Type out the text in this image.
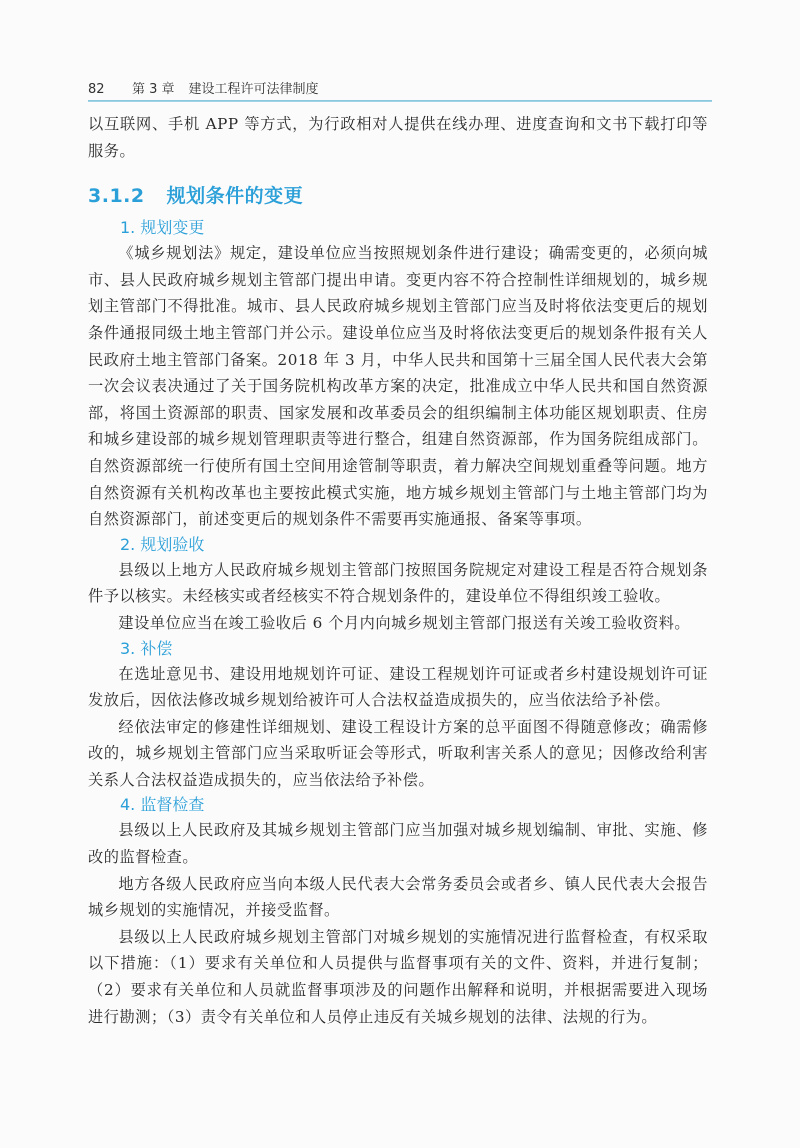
82 第 3 章 建设工程许可法律制度

以互联网、手机 APP 等方式，为行政相对人提供在线办理、进度查询和文书下载打印等服务。

3.1.2 规划条件的变更
1. 规划变更

《城乡规划法》规定，建设单位应当按照规划条件进行建设；确需变更的，必须向城市、县人民政府城乡规划主管部门提出申请。变更内容不符合控制性详细规划的，城乡规划主管部门不得批准。城市、县人民政府城乡规划主管部门应当及时将依法变更后的规划条件通报同级土地主管部门并公示。建设单位应当及时将依法变更后的规划条件报有关人民政府土地主管部门备案。2018 年 3 月，中华人民共和国第十三届全国人民代表大会第一次会议表决通过了关于国务院机构改革方案的决定，批准成立中华人民共和国自然资源部，将国土资源部的职责、国家发展和改革委员会的组织编制主体功能区规划职责、住房和城乡建设部的城乡规划管理职责等进行整合，组建自然资源部，作为国务院组成部门。自然资源部统一行使所有国土空间用途管制等职责，着力解决空间规划重叠等问题。地方自然资源有关机构改革也主要按此模式实施，地方城乡规划主管部门与土地主管部门均为自然资源部门，前述变更后的规划条件不需要再实施通报、备案等事项。

2. 规划验收

县级以上地方人民政府城乡规划主管部门按照国务院规定对建设工程是否符合规划条件予以核实。未经核实或者经核实不符合规划条件的，建设单位不得组织竣工验收。

建设单位应当在竣工验收后 6 个月内向城乡规划主管部门报送有关竣工验收资料。

3. 补偿

在选址意见书、建设用地规划许可证、建设工程规划许可证或者乡村建设规划许可证发放后，因依法修改城乡规划给被许可人合法权益造成损失的，应当依法给予补偿。

经依法审定的修建性详细规划、建设工程设计方案的总平面图不得随意修改；确需修改的，城乡规划主管部门应当采取听证会等形式，听取利害关系人的意见；因修改给利害关系人合法权益造成损失的，应当依法给予补偿。

4. 监督检查

县级以上人民政府及其城乡规划主管部门应当加强对城乡规划编制、审批、实施、修改的监督检查。

地方各级人民政府应当向本级人民代表大会常务委员会或者乡、镇人民代表大会报告城乡规划的实施情况，并接受监督。

县级以上人民政府城乡规划主管部门对城乡规划的实施情况进行监督检查，有权采取以下措施：（1）要求有关单位和人员提供与监督事项有关的文件、资料，并进行复制；（2）要求有关单位和人员就监督事项涉及的问题作出解释和说明，并根据需要进入现场进行勘测；（3）责令有关单位和人员停止违反有关城乡规划的法律、法规的行为。
